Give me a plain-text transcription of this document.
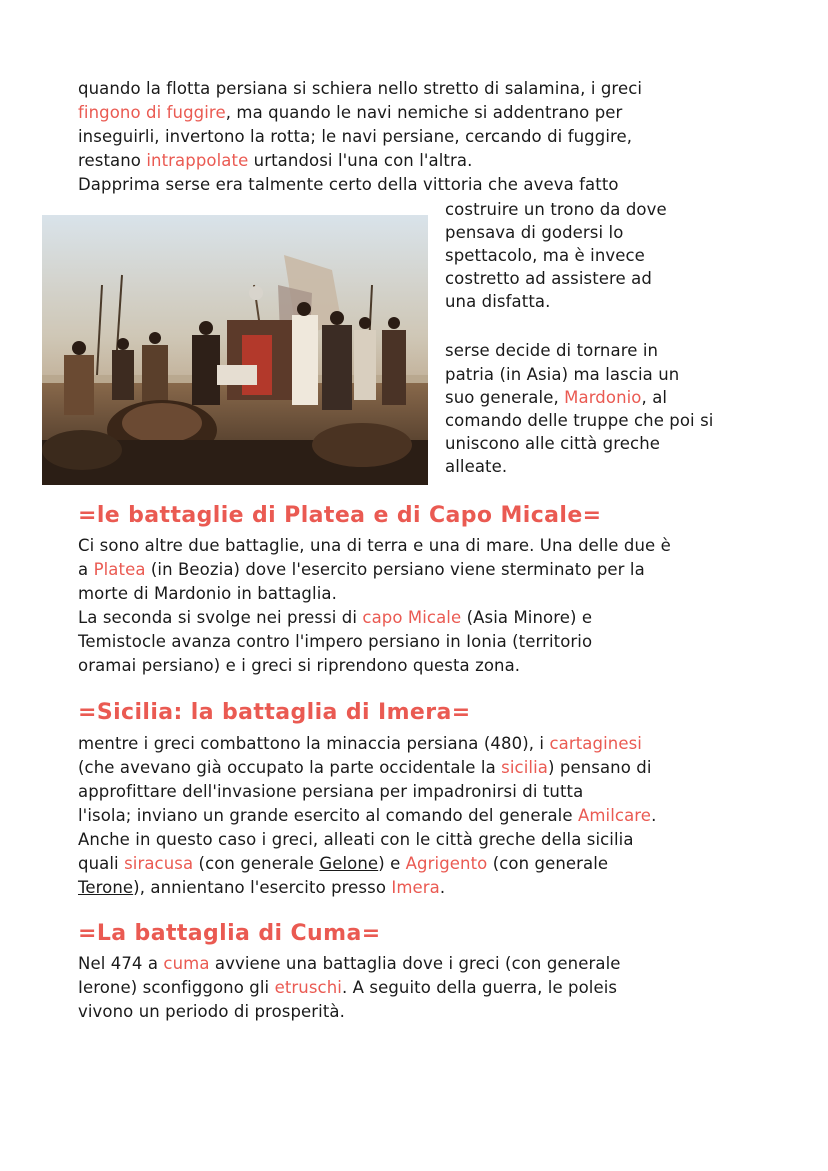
quando la flotta persiana si schiera nello stretto di salamina, i greci
fingono di fuggire, ma quando le navi nemiche si addentrano per
inseguirli, invertono la rotta; le navi persiane, cercando di fuggire,
restano intrappolate urtandosi l'una con l'altra.
Dapprima serse era talmente certo della vittoria che aveva fatto
costruire un trono da dove
pensava di godersi lo
spettacolo, ma è invece
costretto ad assistere ad
una disfatta.
serse decide di tornare in
patria (in Asia) ma lascia un
suo generale, Mardonio, al
comando delle truppe che poi si
uniscono alle città greche
alleate.
=le battaglie di Platea e di Capo Micale=
Ci sono altre due battaglie, una di terra e una di mare. Una delle due è
a Platea (in Beozia) dove l'esercito persiano viene sterminato per la
morte di Mardonio in battaglia.
La seconda si svolge nei pressi di capo Micale (Asia Minore) e
Temistocle avanza contro l'impero persiano in Ionia (territorio
oramai persiano) e i greci si riprendono questa zona.
=Sicilia: la battaglia di Imera=
mentre i greci combattono la minaccia persiana (480), i cartaginesi
(che avevano già occupato la parte occidentale la sicilia) pensano di
approfittare dell'invasione persiana per impadronirsi di tutta
l'isola; inviano un grande esercito al comando del generale Amilcare.
Anche in questo caso i greci, alleati con le città greche della sicilia
quali siracusa (con generale Gelone) e Agrigento (con generale
Terone), annientano l'esercito presso Imera.
=La battaglia di Cuma=
Nel 474 a cuma avviene una battaglia dove i greci (con generale
Ierone) sconfiggono gli etruschi. A seguito della guerra, le poleis
vivono un periodo di prosperità.
